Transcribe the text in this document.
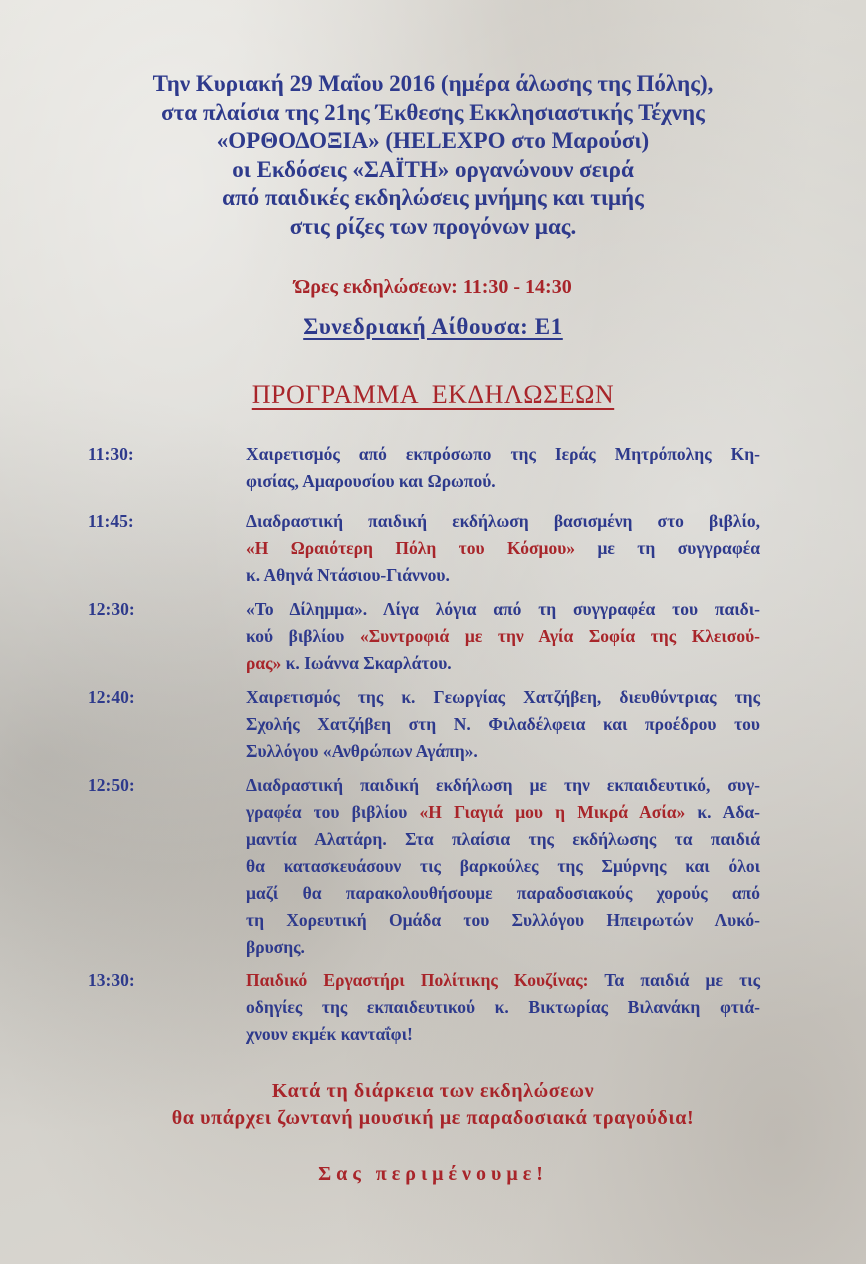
Την Κυριακή 29 Μαΐου 2016 (ημέρα άλωσης της Πόλης),
στα πλαίσια της 21ης Έκθεσης Εκκλησιαστικής Τέχνης
«ΟΡΘΟΔΟΞΙΑ» (HELEXPO στο Μαρούσι)
οι Εκδόσεις «ΣΑΪΤΗ» οργανώνουν σειρά
από παιδικές εκδηλώσεις μνήμης και τιμής
στις ρίζες των προγόνων μας.
Ώρες εκδηλώσεων: 11:30 - 14:30
Συνεδριακή Αίθουσα: Ε1
ΠΡΟΓΡΑΜΜΑ  ΕΚΔΗΛΩΣΕΩΝ
11:30:	Χαιρετισμός από εκπρόσωπο της Ιεράς Μητρόπολης Κη-
φισίας, Αμαρουσίου και Ωρωπού.
11:45:	Διαδραστική παιδική εκδήλωση βασισμένη στο βιβλίο,
«Η Ωραιότερη Πόλη του Κόσμου» με τη συγγραφέα
κ. Αθηνά Ντάσιου-Γιάννου.
12:30:	«Το Δίλημμα». Λίγα λόγια από τη συγγραφέα του παιδι-
κού βιβλίου «Συντροφιά με την Αγία Σοφία της Κλεισού-
ρας» κ. Ιωάννα Σκαρλάτου.
12:40:	Χαιρετισμός της κ. Γεωργίας Χατζήβεη, διευθύντριας της
Σχολής Χατζήβεη στη Ν. Φιλαδέλφεια και προέδρου του
Συλλόγου «Ανθρώπων Αγάπη».
12:50:	Διαδραστική παιδική εκδήλωση με την εκπαιδευτικό, συγ-
γραφέα του βιβλίου «Η Γιαγιά μου η Μικρά Ασία» κ. Αδα-
μαντία Αλατάρη. Στα πλαίσια της εκδήλωσης τα παιδιά
θα κατασκευάσουν τις βαρκούλες της Σμύρνης και όλοι
μαζί θα παρακολουθήσουμε παραδοσιακούς χορούς από
τη Χορευτική Ομάδα του Συλλόγου Ηπειρωτών Λυκό-
βρυσης.
13:30:	Παιδικό Εργαστήρι Πολίτικης Κουζίνας: Τα παιδιά με τις
οδηγίες της εκπαιδευτικού κ. Βικτωρίας Βιλανάκη φτιά-
χνουν εκμέκ κανταΐφι!
Κατά τη διάρκεια των εκδηλώσεων
θα υπάρχει ζωντανή μουσική με παραδοσιακά τραγούδια!
Σας περιμένουμε!
